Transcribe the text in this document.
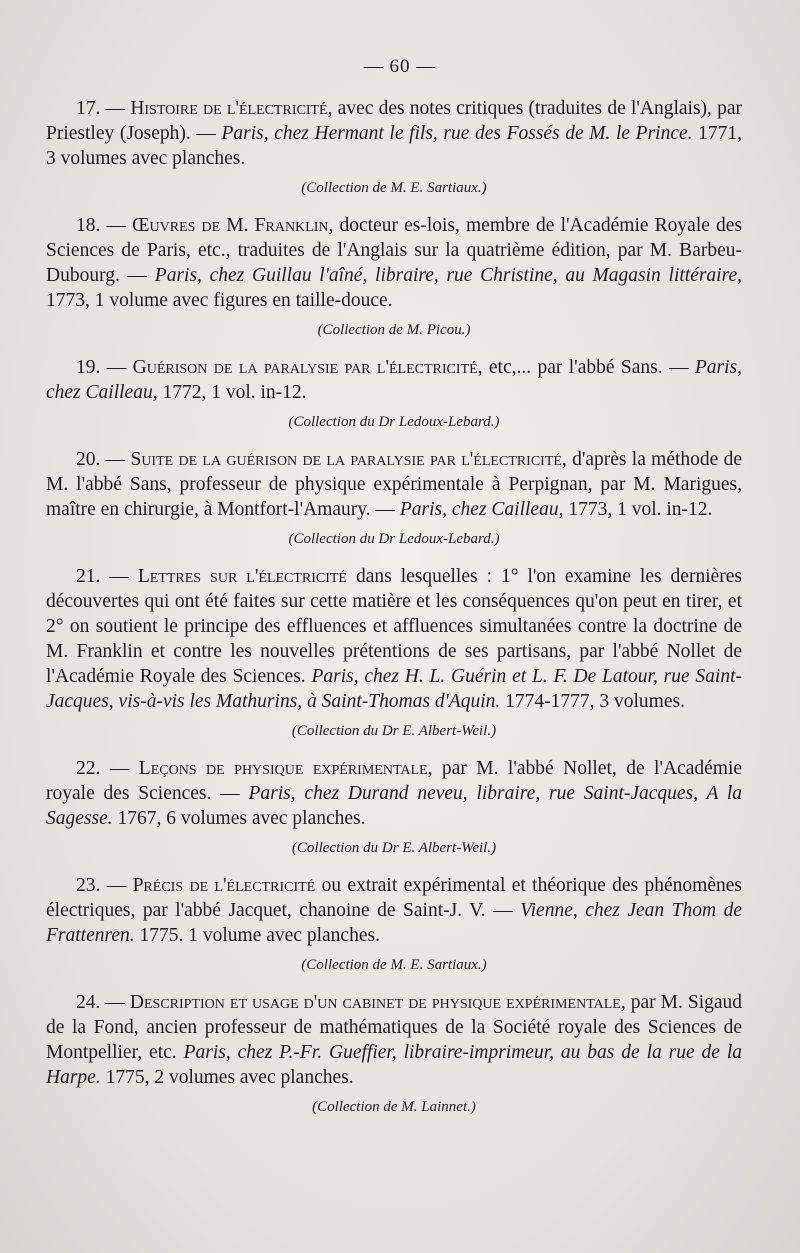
— 60 —

17. — Histoire de l'électricité, avec des notes critiques (traduites de l'Anglais), par Priestley (Joseph). — Paris, chez Hermant le fils, rue des Fossés de M. le Prince. 1771, 3 volumes avec planches.

(Collection de M. E. Sartiaux.)

18. — Œuvres de M. Franklin, docteur es-lois, membre de l'Académie Royale des Sciences de Paris, etc., traduites de l'Anglais sur la quatrième édition, par M. Barbeu-Dubourg. — Paris, chez Guillau l'aîné, libraire, rue Christine, au Magasin littéraire, 1773, 1 volume avec figures en taille-douce.

(Collection de M. Picou.)

19. — Guérison de la paralysie par l'électricité, etc,... par l'abbé Sans. — Paris, chez Cailleau, 1772, 1 vol. in-12.

(Collection du Dr Ledoux-Lebard.)

20. — Suite de la guérison de la paralysie par l'électricité, d'après la méthode de M. l'abbé Sans, professeur de physique expérimentale à Perpignan, par M. Marigues, maître en chirurgie, à Montfort-l'Amaury. — Paris, chez Cailleau, 1773, 1 vol. in-12.

(Collection du Dr Ledoux-Lebard.)

21. — Lettres sur l'électricité dans lesquelles : 1° l'on examine les dernières découvertes qui ont été faites sur cette matière et les conséquences qu'on peut en tirer, et 2° on soutient le principe des effluences et affluences simultanées contre la doctrine de M. Franklin et contre les nouvelles prétentions de ses partisans, par l'abbé Nollet de l'Académie Royale des Sciences. Paris, chez H. L. Guérin et L. F. De Latour, rue Saint-Jacques, vis-à-vis les Mathurins, à Saint-Thomas d'Aquin. 1774-1777, 3 volumes.

(Collection du Dr E. Albert-Weil.)

22. — Leçons de physique expérimentale, par M. l'abbé Nollet, de l'Académie royale des Sciences. — Paris, chez Durand neveu, libraire, rue Saint-Jacques, A la Sagesse. 1767, 6 volumes avec planches.

(Collection du Dr E. Albert-Weil.)

23. — Précis de l'électricité ou extrait expérimental et théorique des phénomènes électriques, par l'abbé Jacquet, chanoine de Saint-J. V. — Vienne, chez Jean Thom de Frattenren. 1775. 1 volume avec planches.

(Collection de M. E. Sartiaux.)

24. — Description et usage d'un cabinet de physique expérimentale, par M. Sigaud de la Fond, ancien professeur de mathématiques de la Société royale des Sciences de Montpellier, etc. Paris, chez P.-Fr. Gueffier, libraire-imprimeur, au bas de la rue de la Harpe. 1775, 2 volumes avec planches.

(Collection de M. Lainnet.)
